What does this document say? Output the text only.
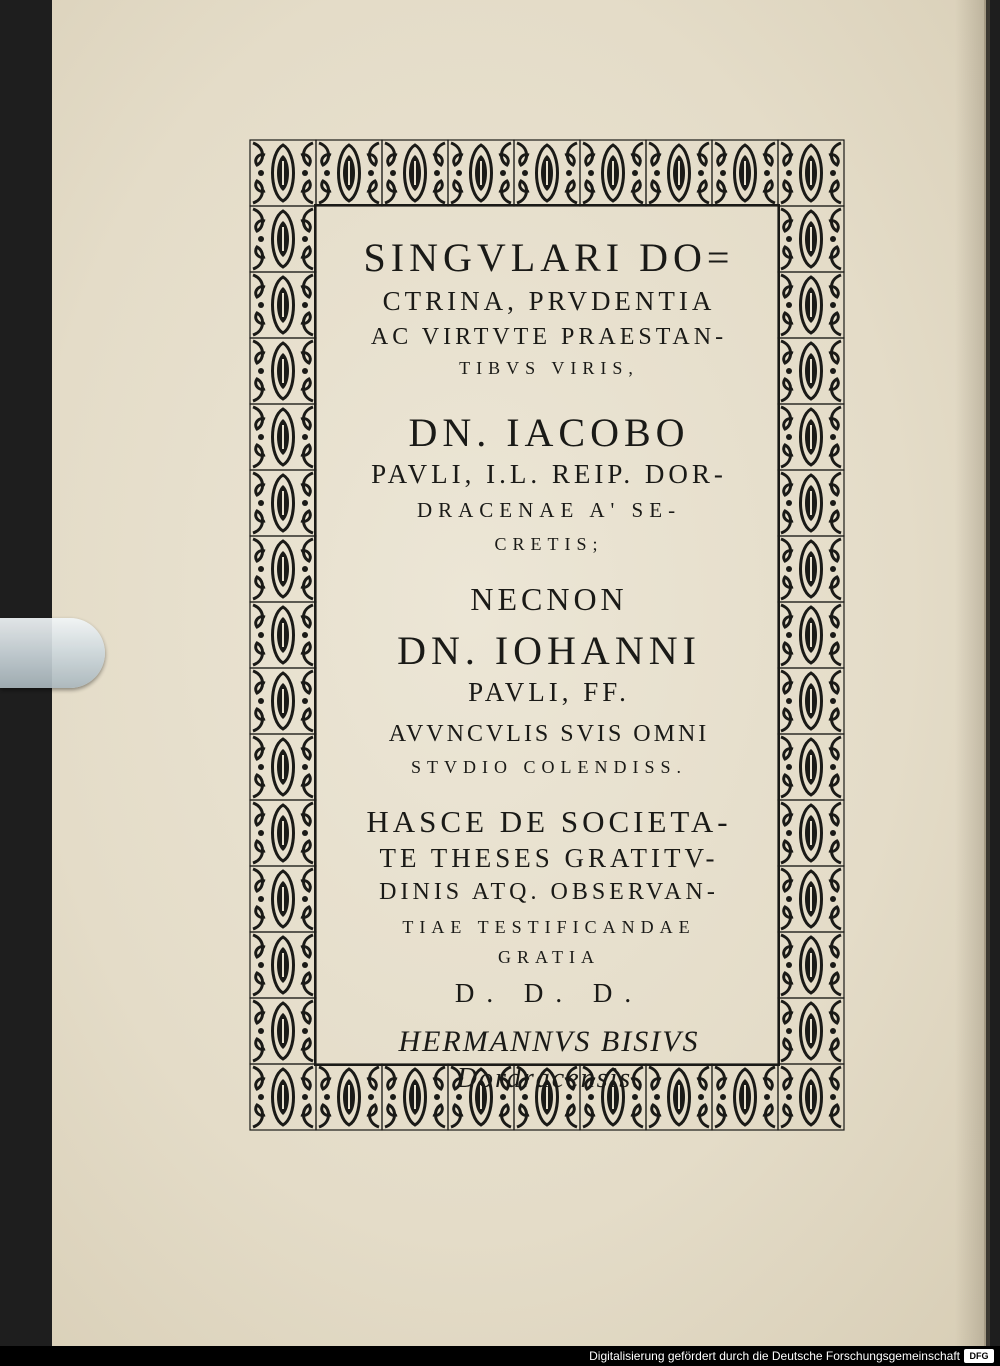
SINGVLARI DO=
CTRINA, PRVDENTIA
AC VIRTVTE PRAESTAN-
TIBVS VIRIS,
DN. IACOBO
PAVLI, I.L. REIP. DOR-
DRACENAE A' SE-
CRETIS;
NECNON
DN. IOHANNI
PAVLI, FF.
AVVNCVLIS SVIS OMNI
STVDIO COLENDISS.
HASCE DE SOCIETA-
TE THESES GRATITV-
DINIS ATQ. OBSERVAN-
TIAE TESTIFICANDAE
GRATIA
D. D. D.
HERMANNVS BISIVS
Dordracensis.
Digitalisierung gefördert durch die Deutsche Forschungsgemeinschaft	DFG
